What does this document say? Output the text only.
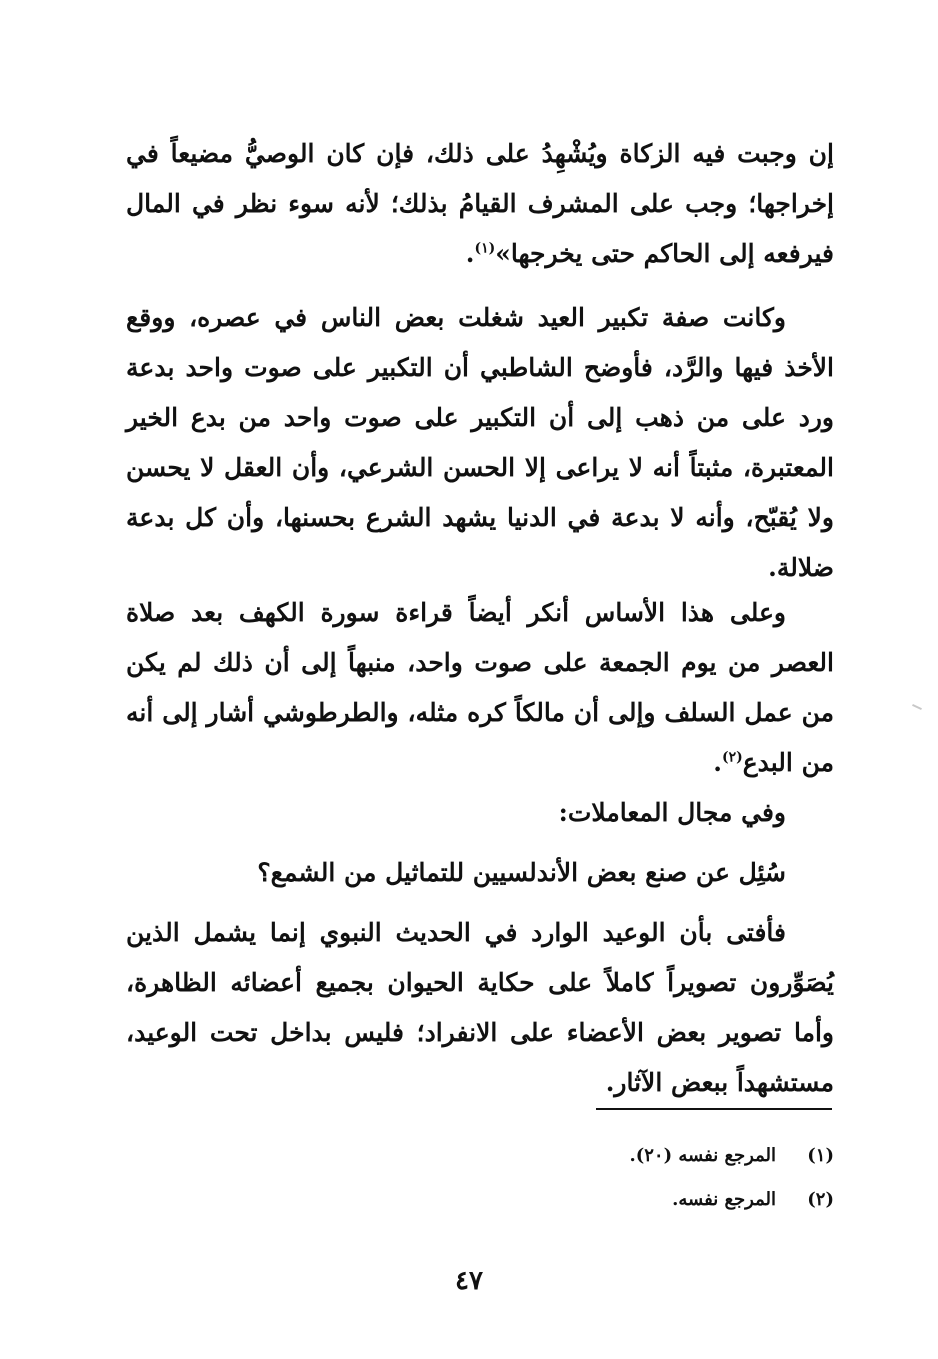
إن وجبت فيه الزكاة ويُشْهِدُ على ذلك، فإن كان الوصيُّ مضيعاً في إخراجها؛ وجب على المشرف القيامُ بذلك؛ لأنه سوء نظر في المال فيرفعه إلى الحاكم حتى يخرجها»$^{(١)}$.

وكانت صفة تكبير العيد شغلت بعض الناس في عصره، ووقع الأخذ فيها والرَّد، فأوضح الشاطبي أن التكبير على صوت واحد بدعة ورد على من ذهب إلى أن التكبير على صوت واحد من بدع الخير المعتبرة، مثبتاً أنه لا يراعى إلا الحسن الشرعي، وأن العقل لا يحسن ولا يُقبّح، وأنه لا بدعة في الدنيا يشهد الشرع بحسنها، وأن كل بدعة ضلالة.

وعلى هذا الأساس أنكر أيضاً قراءة سورة الكهف بعد صلاة العصر من يوم الجمعة على صوت واحد، منبهاً إلى أن ذلك لم يكن من عمل السلف وإلى أن مالكاً كره مثله، والطرطوشي أشار إلى أنه من البدع$^{(٢)}$.

وفي مجال المعاملات:

سُئِل عن صنع بعض الأندلسيين للتماثيل من الشمع؟

فأفتى بأن الوعيد الوارد في الحديث النبوي إنما يشمل الذين يُصَوِّرون تصويراً كاملاً على حكاية الحيوان بجميع أعضائه الظاهرة، وأما تصوير بعض الأعضاء على الانفراد؛ فليس بداخل تحت الوعيد، مستشهداً ببعض الآثار.

(١)المرجع نفسه (٢٠).
(٢)المرجع نفسه.
٤٧
